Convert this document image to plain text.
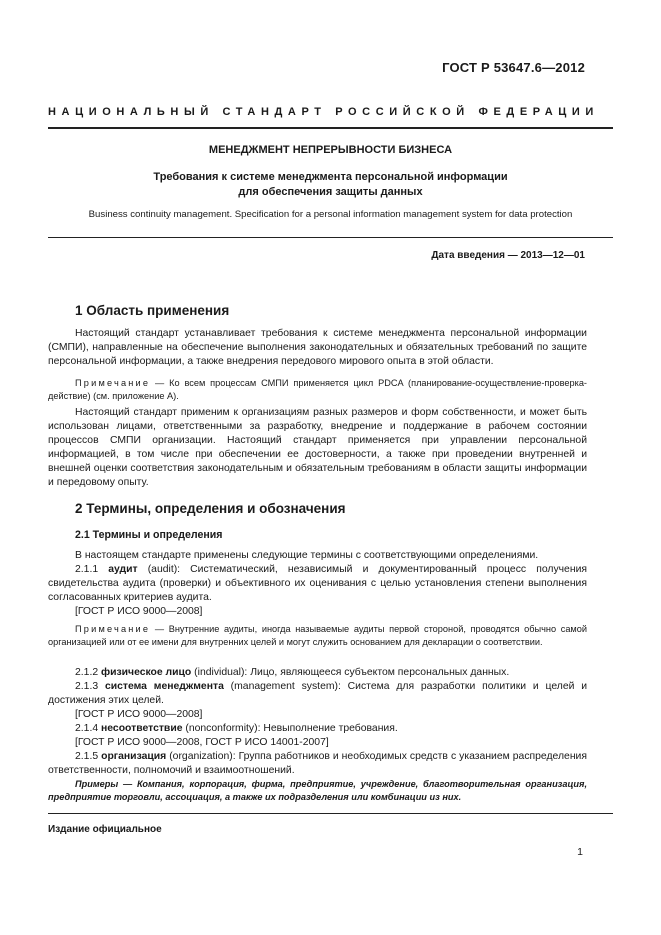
ГОСТ Р 53647.6—2012
НАЦИОНАЛЬНЫЙ СТАНДАРТ РОССИЙСКОЙ ФЕДЕРАЦИИ
МЕНЕДЖМЕНТ НЕПРЕРЫВНОСТИ БИЗНЕСА
Требования к системе менеджмента персональной информации
для обеспечения защиты данных
Business continuity management. Specification for a personal information management system for data protection
Дата введения — 2013—12—01
1 Область применения

Настоящий стандарт устанавливает требования к системе менеджмента персональной информации (СМПИ), направленные на обеспечение выполнения законодательных и обязательных требований по защите персональной информации, а также внедрения передового мирового опыта в этой области.

Примечание — Ко всем процессам СМПИ применяется цикл PDCA (планирование-осуществление-проверка-действие) (см. приложение А).

Настоящий стандарт применим к организациям разных размеров и форм собственности, и может быть использован лицами, ответственными за разработку, внедрение и поддержание в рабочем состоянии процессов СМПИ организации. Настоящий стандарт применяется при управлении персональной информацией, в том числе при обеспечении ее достоверности, а также при проведении внутренней и внешней оценки соответствия законодательным и обязательным требованиям в области защиты информации и передовому опыту.

2 Термины, определения и обозначения
2.1 Термины и определения

В настоящем стандарте применены следующие термины с соответствующими определениями.

2.1.1 аудит (audit): Систематический, независимый и документированный процесс получения свидетельства аудита (проверки) и объективного их оценивания с целью установления степени выполнения согласованных критериев аудита.

[ГОСТ Р ИСО 9000—2008]

Примечание — Внутренние аудиты, иногда называемые аудиты первой стороной, проводятся обычно самой организацией или от ее имени для внутренних целей и могут служить основанием для декларации о соответствии.

2.1.2 физическое лицо (individual): Лицо, являющееся субъектом персональных данных.

2.1.3 система менеджмента (management system): Система для разработки политики и целей и достижения этих целей.

[ГОСТ Р ИСО 9000—2008]

2.1.4 несоответствие (nonconformity): Невыполнение требования.

[ГОСТ Р ИСО 9000—2008, ГОСТ Р ИСО 14001-2007]

2.1.5 организация (organization): Группа работников и необходимых средств с указанием распределения ответственности, полномочий и взаимоотношений.

Примеры — Компания, корпорация, фирма, предприятие, учреждение, благотворительная организация, предприятие торговли, ассоциация, а также их подразделения или комбинации из них.

Издание официальное
1
